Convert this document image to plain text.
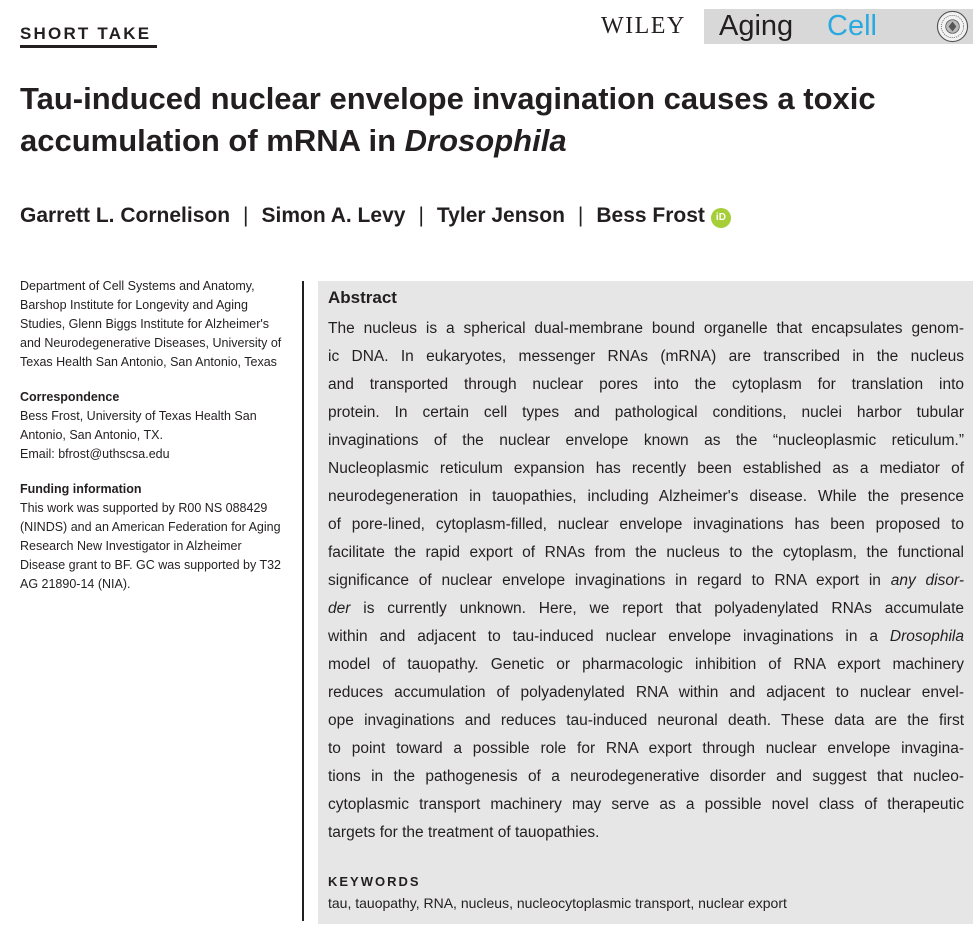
SHORT TAKE	WILEY Aging Cell
Tau-induced nuclear envelope invagination causes a toxic accumulation of mRNA in Drosophila
Garrett L. Cornelison | Simon A. Levy | Tyler Jenson | Bess Frost iD

Department of Cell Systems and Anatomy, Barshop Institute for Longevity and Aging Studies, Glenn Biggs Institute for Alzheimer's and Neurodegenerative Diseases, University of Texas Health San Antonio, San Antonio, Texas

Correspondence

Bess Frost, University of Texas Health San Antonio, San Antonio, TX.

Email: bfrost@uthscsa.edu

Funding information

This work was supported by R00 NS 088429 (NINDS) and an American Federation for Aging Research New Investigator in Alzheimer Disease grant to BF. GC was supported by T32 AG 21890-14 (NIA).

Abstract
The nucleus is a spherical dual-membrane bound organelle that encapsulates genom-
ic DNA. In eukaryotes, messenger RNAs (mRNA) are transcribed in the nucleus
and transported through nuclear pores into the cytoplasm for translation into
protein. In certain cell types and pathological conditions, nuclei harbor tubular
invaginations of the nuclear envelope known as the “nucleoplasmic reticulum.”
Nucleoplasmic reticulum expansion has recently been established as a mediator of
neurodegeneration in tauopathies, including Alzheimer's disease. While the presence
of pore-lined, cytoplasm-filled, nuclear envelope invaginations has been proposed to
facilitate the rapid export of RNAs from the nucleus to the cytoplasm, the functional
significance of nuclear envelope invaginations in regard to RNA export in any disor-
der is currently unknown. Here, we report that polyadenylated RNAs accumulate
within and adjacent to tau-induced nuclear envelope invaginations in a Drosophila
model of tauopathy. Genetic or pharmacologic inhibition of RNA export machinery
reduces accumulation of polyadenylated RNA within and adjacent to nuclear envel-
ope invaginations and reduces tau-induced neuronal death. These data are the first
to point toward a possible role for RNA export through nuclear envelope invagina-
tions in the pathogenesis of a neurodegenerative disorder and suggest that nucleo-
cytoplasmic transport machinery may serve as a possible novel class of therapeutic
targets for the treatment of tauopathies.
KEYWORDS
tau, tauopathy, RNA, nucleus, nucleocytoplasmic transport, nuclear export
